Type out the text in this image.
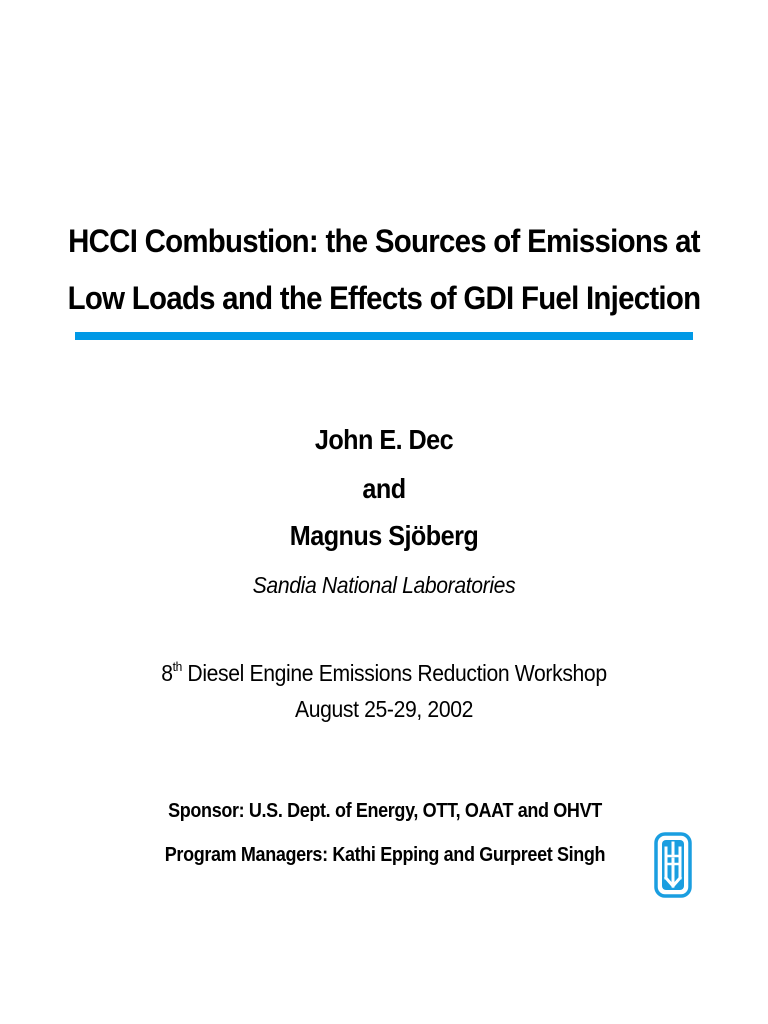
HCCI Combustion: the Sources of Emissions at
Low Loads and the Effects of GDI Fuel Injection
John E. Dec
and
Magnus Sjöberg
Sandia National Laboratories
8th Diesel Engine Emissions Reduction Workshop
August 25-29, 2002
Sponsor: U.S. Dept. of Energy, OTT, OAAT and OHVT
Program Managers: Kathi Epping and Gurpreet Singh
